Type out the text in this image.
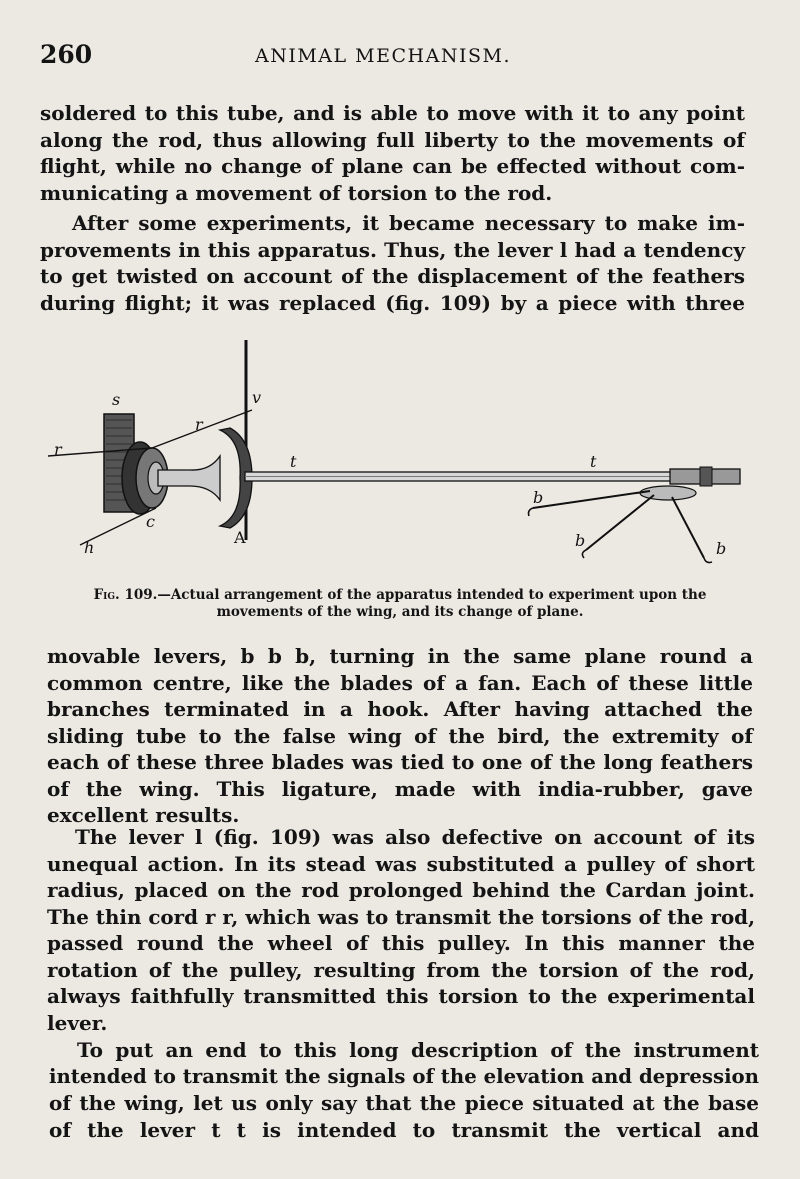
260	ANIMAL MECHANISM.

soldered to this tube, and is able to move with it to any point
along the rod, thus allowing full liberty to the movements of
flight, while no change of plane can be effected without com-
municating a movement of torsion to the rod.

After some experiments, it became necessary to make im-
provements in this apparatus. Thus, the lever l had a tendency
to get twisted on account of the displacement of the feathers
during flight; it was replaced (fig. 109) by a piece with three

s
r
r
v
t	t
c
h
A
b
b	b
Fig. 109.—Actual arrangement of the apparatus intended to experiment upon the movements of the wing, and its change of plane.

movable levers, b b b, turning in the same plane round a
common centre, like the blades of a fan. Each of these little
branches terminated in a hook. After having attached the
sliding tube to the false wing of the bird, the extremity of
each of these three blades was tied to one of the long feathers
of the wing. This ligature, made with india-rubber, gave
excellent results.

The lever l (fig. 109) was also defective on account of its
unequal action. In its stead was substituted a pulley of short
radius, placed on the rod prolonged behind the Cardan joint.
The thin cord r r, which was to transmit the torsions of the rod,
passed round the wheel of this pulley. In this manner the
rotation of the pulley, resulting from the torsion of the rod,
always faithfully transmitted this torsion to the experimental
lever.

To put an end to this long description of the instrument
intended to transmit the signals of the elevation and depression
of the wing, let us only say that the piece situated at the base
of the lever t t is intended to transmit the vertical and
